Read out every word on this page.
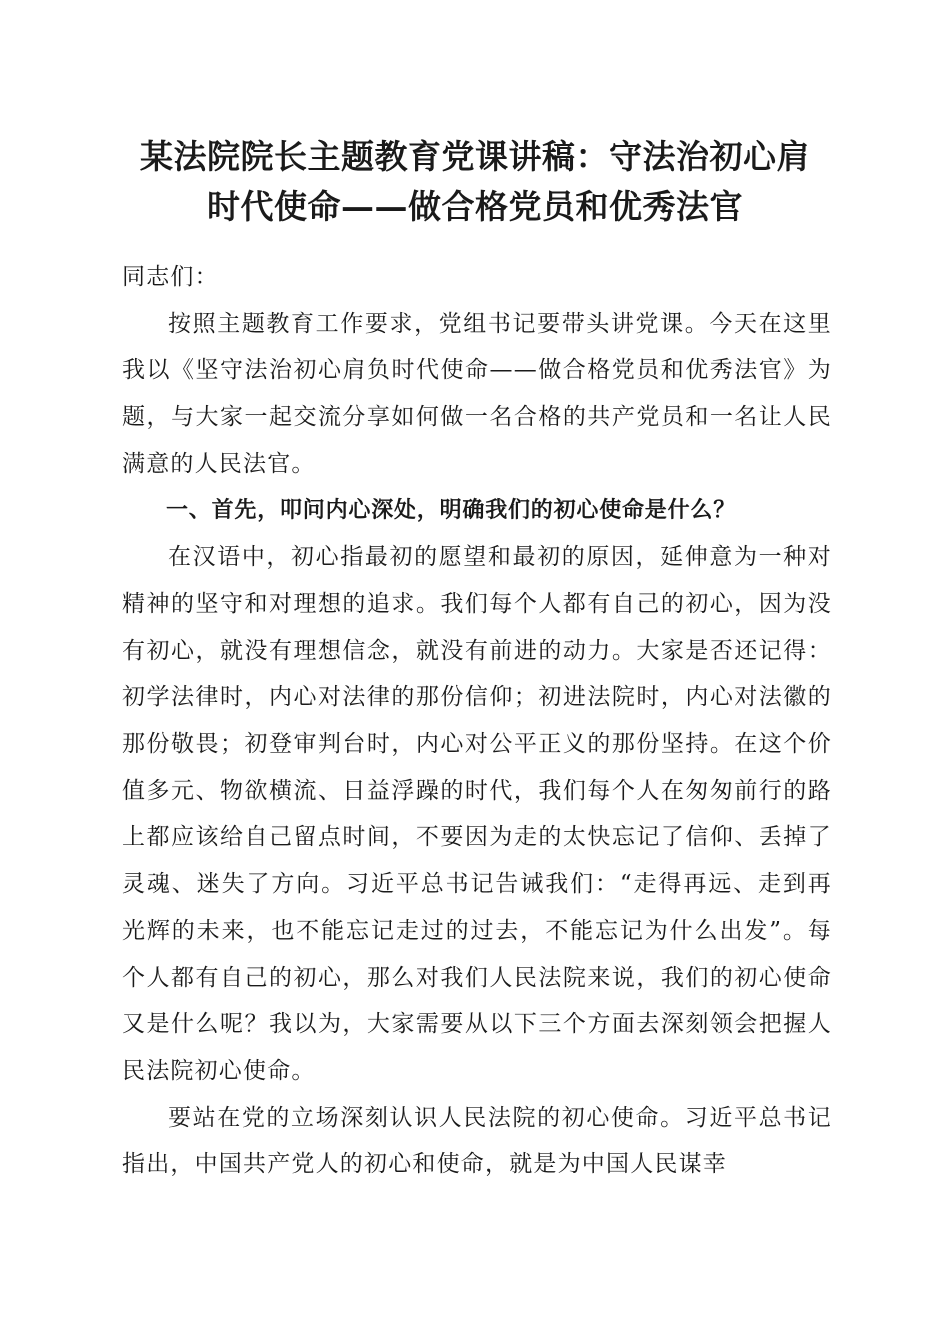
某法院院长主题教育党课讲稿：守法治初心肩
时代使命——做合格党员和优秀法官

同志们：

按照主题教育工作要求，党组书记要带头讲党课。今天在这里我以《坚守法治初心肩负时代使命——做合格党员和优秀法官》为题，与大家一起交流分享如何做一名合格的共产党员和一名让人民满意的人民法官。

一、首先，叩问内心深处，明确我们的初心使命是什么？

在汉语中，初心指最初的愿望和最初的原因，延伸意为一种对精神的坚守和对理想的追求。我们每个人都有自己的初心，因为没有初心，就没有理想信念，就没有前进的动力。大家是否还记得：初学法律时，内心对法律的那份信仰；初进法院时，内心对法徽的那份敬畏；初登审判台时，内心对公平正义的那份坚持。在这个价值多元、物欲横流、日益浮躁的时代，我们每个人在匆匆前行的路上都应该给自己留点时间，不要因为走的太快忘记了信仰、丢掉了灵魂、迷失了方向。习近平总书记告诫我们：“走得再远、走到再光辉的未来，也不能忘记走过的过去，不能忘记为什么出发”。每个人都有自己的初心，那么对我们人民法院来说，我们的初心使命又是什么呢？我以为，大家需要从以下三个方面去深刻领会把握人民法院初心使命。

要站在党的立场深刻认识人民法院的初心使命。习近平总书记指出，中国共产党人的初心和使命，就是为中国人民谋幸
